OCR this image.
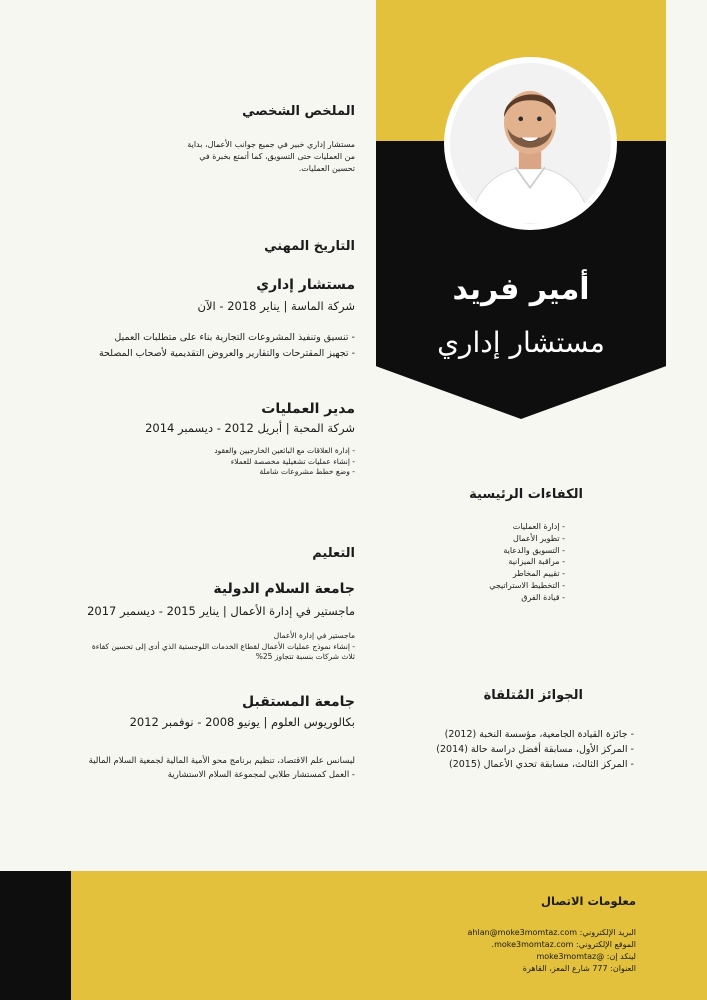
أمير فريد
مستشار إداري
الملخص الشخصي
مستشار إداري خبير في جميع جوانب الأعمال، بداية من العمليات حتى التسويق، كما أتمتع بخبرة في تحسين العمليات.
التاريخ المهني
مستشار إداري
شركة الماسة | يناير 2018 - الآن
- تنسيق وتنفيذ المشروعات التجارية بناء على متطلبات العميل
- تجهيز المقترحات والتقارير والعروض التقديمية لأصحاب المصلحة
مدير العمليات
شركة المحبة | أبريل 2012 - ديسمبر 2014
- إدارة العلاقات مع البائعين الخارجيين والعقود
- إنشاء عمليات تشغيلية مخصصة للعملاء
- وضع خطط مشروعات شاملة
التعليم
جامعة السلام الدولية
ماجستير في إدارة الأعمال | يناير 2015 - ديسمبر 2017
ماجستير في إدارة الأعمال
- إنشاء نموذج عمليات الأعمال لقطاع الخدمات اللوجستية الذي أدى إلى تحسين كفاءة
ثلاث شركات بنسبة تتجاوز 25%
جامعة المستقبل
بكالوريوس العلوم | يونيو 2008 - نوفمبر 2012
ليسانس علم الاقتصاد، تنظيم برنامج محو الأمية المالية لجمعية السلام المالية
- العمل كمستشار طلابي لمجموعة السلام الاستشارية
الكفاءات الرئيسية
- إدارة العمليات
- تطوير الأعمال
- التسويق والدعاية
- مراقبة الميزانية
- تقييم المخاطر
- التخطيط الاستراتيجي
- قيادة الفرق
الجوائز المُتلقاة
- جائزة القيادة الجامعية، مؤسسة النخبة (2012)
- المركز الأول، مسابقة أفضل دراسة حالة (2014)
- المركز الثالث، مسابقة تحدي الأعمال (2015)
معلومات الاتصال
البريد الإلكتروني: ahlan@moke3momtaz.com
الموقع الإلكتروني: moke3momtaz.com.
لينكد إن: @moke3momtaz
العنوان: 777 شارع المعز، القاهرة
